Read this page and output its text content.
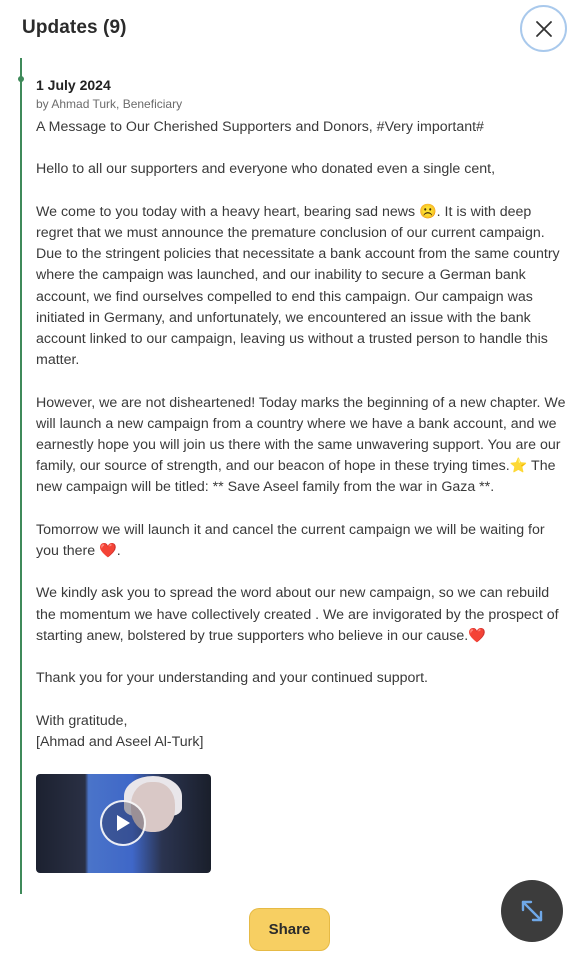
Updates (9)
1 July 2024
by Ahmad Turk, Beneficiary

A Message to Our Cherished Supporters and Donors, #Very important#

Hello to all our supporters and everyone who donated even a single cent,

We come to you today with a heavy heart, bearing sad news ☹️. It is with deep regret that we must announce the premature conclusion of our current campaign. Due to the stringent policies that necessitate a bank account from the same country where the campaign was launched, and our inability to secure a German bank account, we find ourselves compelled to end this campaign. Our campaign was initiated in Germany, and unfortunately, we encountered an issue with the bank account linked to our campaign, leaving us without a trusted person to handle this matter.

However, we are not disheartened! Today marks the beginning of a new chapter. We will launch a new campaign from a country where we have a bank account, and we earnestly hope you will join us there with the same unwavering support. You are our family, our source of strength, and our beacon of hope in these trying times.⭐ The new campaign will be titled: ** Save Aseel family from the war in Gaza **.

Tomorrow we will launch it and cancel the current campaign we will be waiting for you there ❤️.

We kindly ask you to spread the word about our new campaign, so we can rebuild the momentum we have collectively created . We are invigorated by the prospect of starting anew, bolstered by true supporters who believe in our cause.❤️

Thank you for your understanding and your continued support.

With gratitude,
[Ahmad and Aseel Al-Turk]

Share
